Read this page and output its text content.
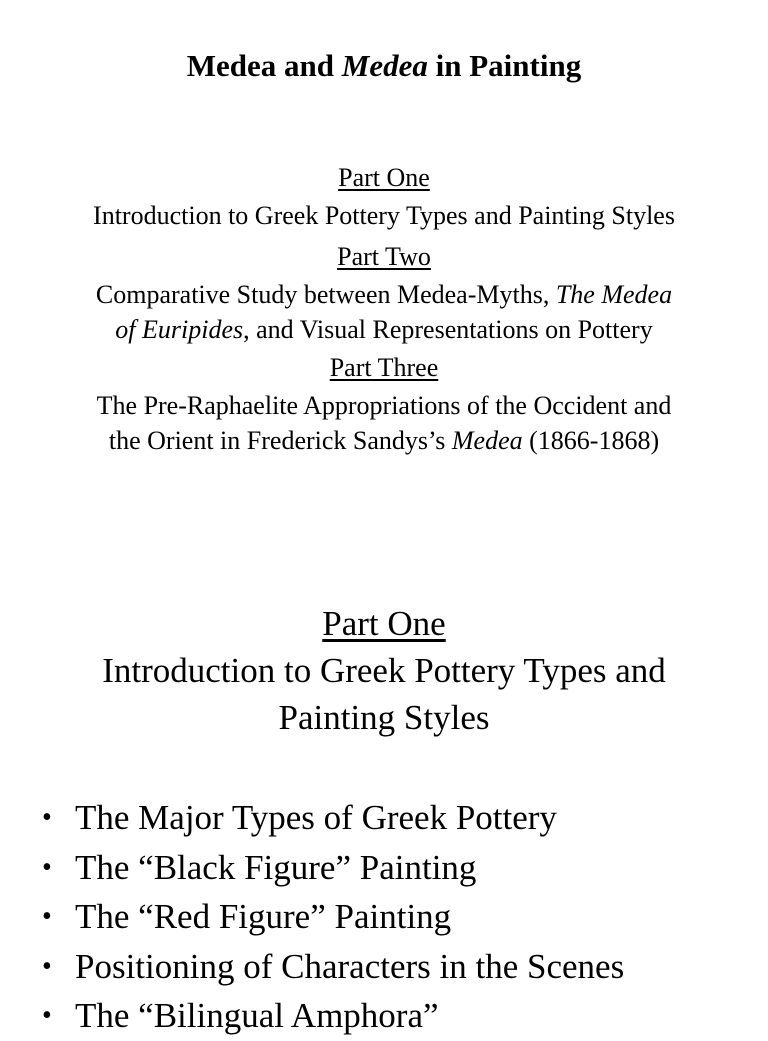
Medea and Medea in Painting

Part One

Introduction to Greek Pottery Types and Painting Styles

Part Two

Comparative Study between Medea-Myths, The Medea
of Euripides, and Visual Representations on Pottery

Part Three

The Pre-Raphaelite Appropriations of the Occident and
the Orient in Frederick Sandys’s Medea (1866-1868)

Part One

Introduction to Greek Pottery Types and
Painting Styles

• The Major Types of Greek Pottery
• The “Black Figure” Painting
• The “Red Figure” Painting
• Positioning of Characters in the Scenes
• The “Bilingual Amphora”
